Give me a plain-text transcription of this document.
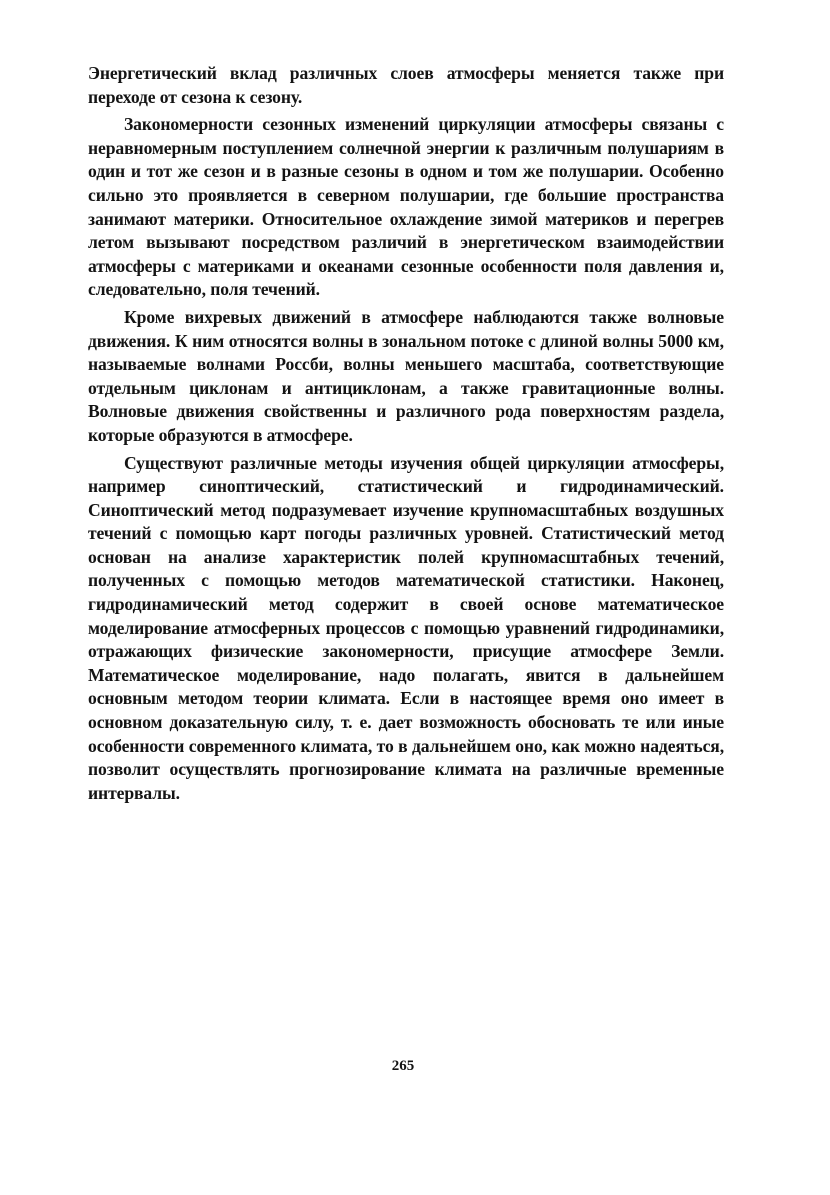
Энергетический вклад различных слоев атмосферы меняется также при переходе от сезона к сезону.

Закономерности сезонных изменений циркуляции атмосферы связаны с неравномерным поступлением солнечной энергии к различным полушариям в один и тот же сезон и в разные сезоны в одном и том же полушарии. Особенно сильно это проявляется в северном полушарии, где большие пространства занимают материки. Относительное охлаждение зимой материков и перегрев летом вызывают посредством различий в энергетическом взаимодействии атмосферы с материками и океанами сезонные особенности поля давления и, следовательно, поля течений.

Кроме вихревых движений в атмосфере наблюдаются также волновые движения. К ним относятся волны в зональном потоке с длиной волны 5000 км, называемые волнами Россби, волны меньшего масштаба, соответствующие отдельным циклонам и антициклонам, а также гравитационные волны. Волновые движения свойственны и различного рода поверхностям раздела, которые образуются в атмосфере.

Существуют различные методы изучения общей циркуляции атмосферы, например синоптический, статистический и гидродинамический. Синоптический метод подразумевает изучение крупномасштабных воздушных течений с помощью карт погоды различных уровней. Статистический метод основан на анализе характеристик полей крупномасштабных течений, полученных с помощью методов математической статистики. Наконец, гидродинамический метод содержит в своей основе математическое моделирование атмосферных процессов с помощью уравнений гидродинамики, отражающих физические закономерности, присущие атмосфере Земли. Математическое моделирование, надо полагать, явится в дальнейшем основным методом теории климата. Если в настоящее время оно имеет в основном доказательную силу, т. е. дает возможность обосновать те или иные особенности современного климата, то в дальнейшем оно, как можно надеяться, позволит осуществлять прогнозирование климата на различные временные интервалы.

265
